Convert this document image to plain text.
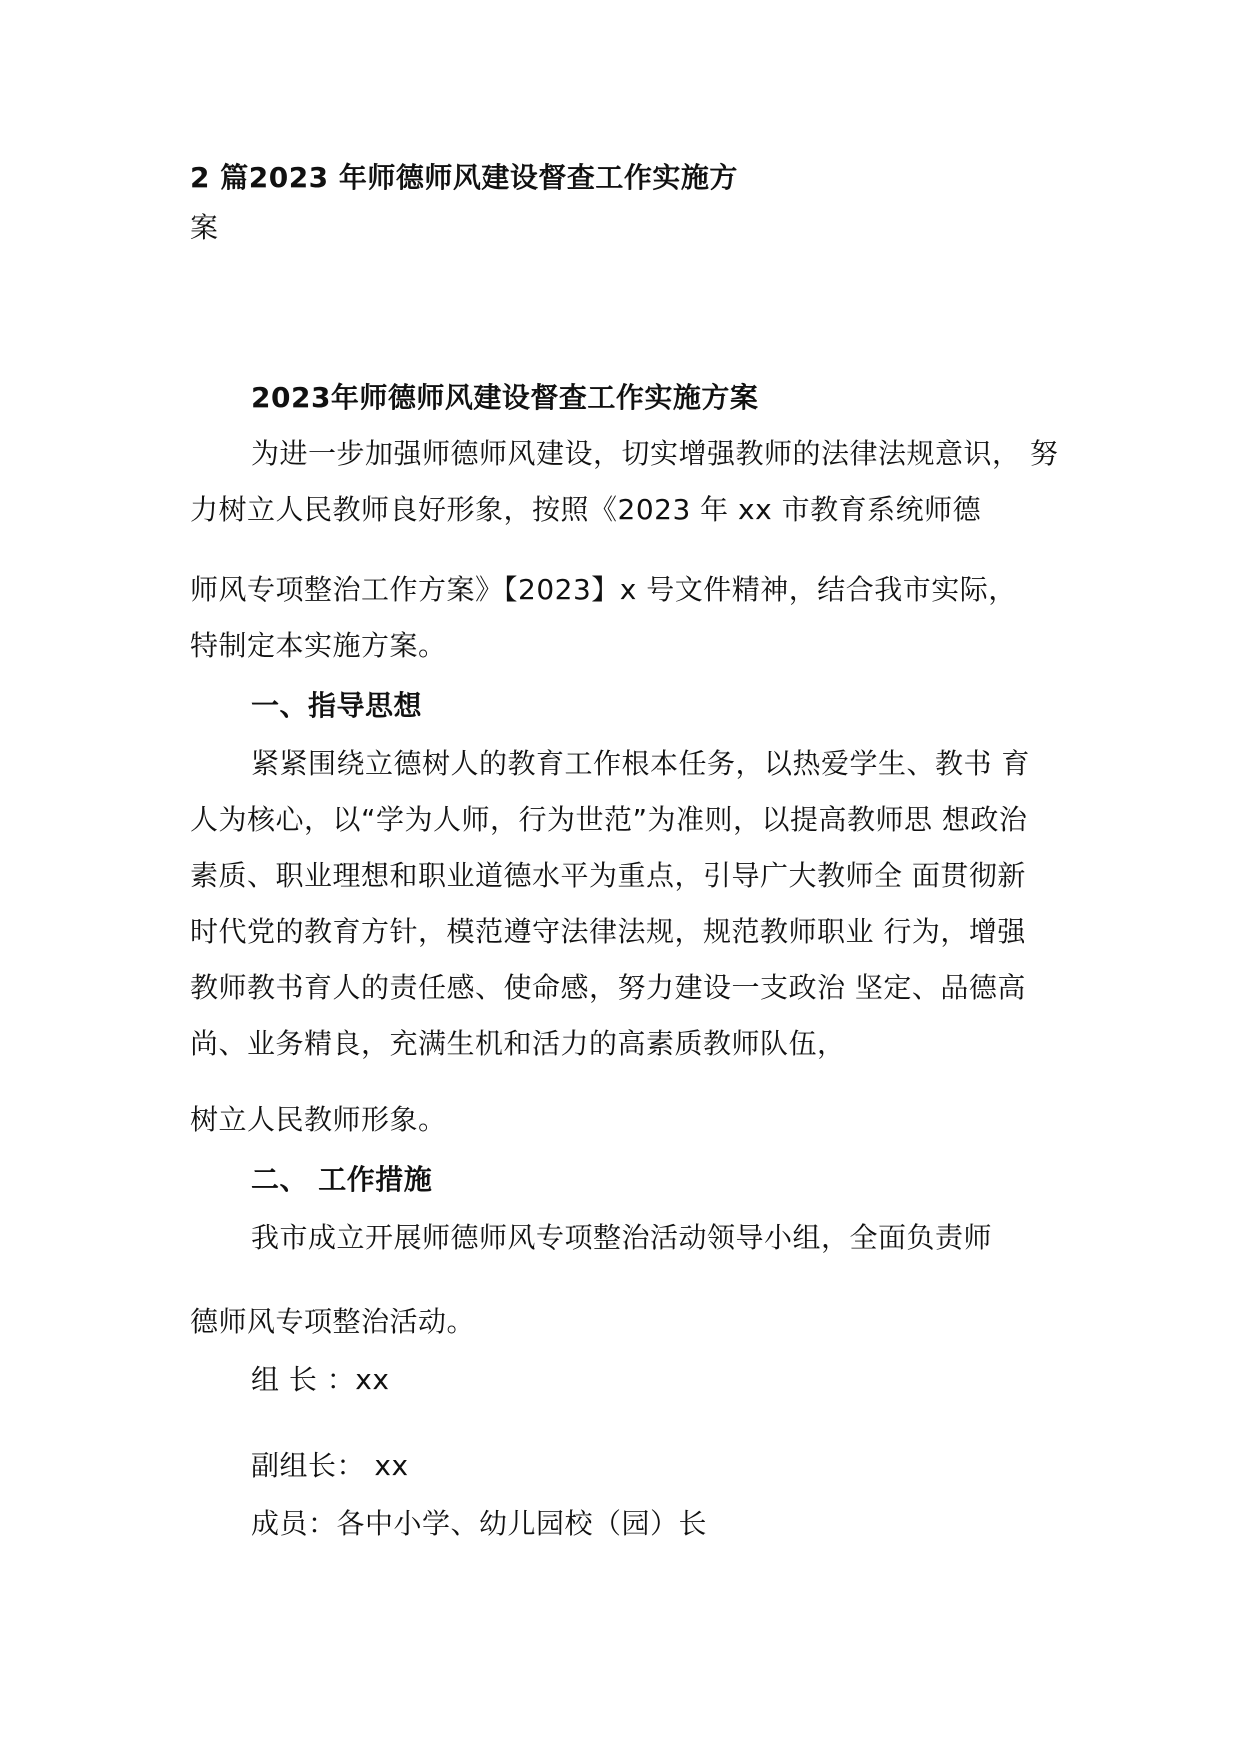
2 篇2023 年师德师风建设督查工作实施方
案
2023年师德师风建设督查工作实施方案
为进一步加强师德师风建设，切实增强教师的法律法规意识， 努
力树立人民教师良好形象，按照《2023 年 xx 市教育系统师德
师风专项整治工作方案》【2023】x 号文件精神，结合我市实际，
特制定本实施方案。
一、指导思想
紧紧围绕立德树人的教育工作根本任务，以热爱学生、教书 育
人为核心，以“学为人师，行为世范”为准则，以提高教师思 想政治
素质、职业理想和职业道德水平为重点，引导广大教师全 面贯彻新
时代党的教育方针，模范遵守法律法规，规范教师职业 行为，增强
教师教书育人的责任感、使命感，努力建设一支政治 坚定、品德高
尚、业务精良，充满生机和活力的高素质教师队伍，
树立人民教师形象。
二、 工作措施
我市成立开展师德师风专项整治活动领导小组，全面负责师
德师风专项整治活动。
组 长 ：xx
副组长： xx
成员：各中小学、幼儿园校（园）长
